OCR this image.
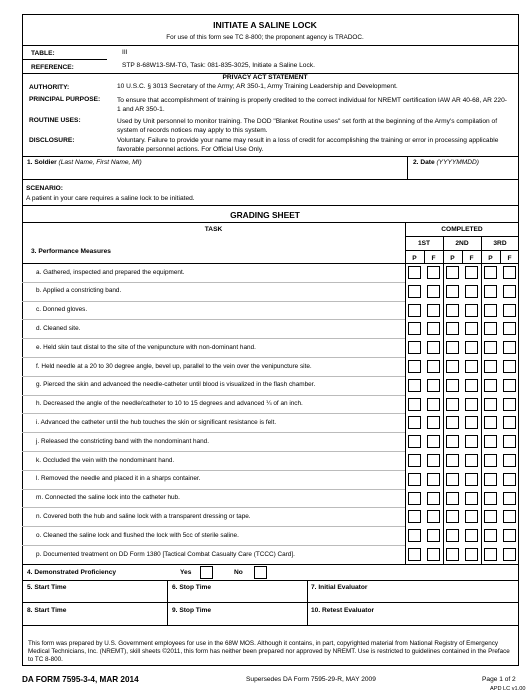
INITIATE A SALINE LOCK
For use of this form see TC 8-800; the proponent agency is TRADOC.
TABLE:	III
REFERENCE:	STP 8-68W13-SM-TG, Task: 081-835-3025, Initiate a Saline Lock.
PRIVACY ACT STATEMENT
AUTHORITY:	10 U.S.C. § 3013 Secretary of the Army; AR 350-1, Army Training Leadership and Development.
PRINCIPAL PURPOSE:	To ensure that accomplishment of training is properly credited to the correct individual for NREMT certification IAW AR 40-68, AR 220-1 and AR 350-1.
ROUTINE USES:	Used by Unit personnel to monitor training. The DOD "Blanket Routine uses" set forth at the beginning of the Army's compilation of system of records notices may apply to this system.
DISCLOSURE:	Voluntary. Failure to provide your name may result in a loss of credit for accomplishing the training or error in processing applicable favorable personnel actions. For Official Use Only.
1. Soldier (Last Name, First Name, MI)	2. Date (YYYYMMDD)
SCENARIO:
A patient in your care requires a saline lock to be initiated.
GRADING SHEET
TASK	COMPLETED
3. Performance Measures
1ST	2ND	3RD
P	F	P	F	P	F
a. Gathered, inspected and prepared the equipment.
b. Applied a constricting band.
c. Donned gloves.
d. Cleaned site.
e. Held skin taut distal to the site of the venipuncture with non-dominant hand.
f. Held needle at a 20 to 30 degree angle, bevel up, parallel to the vein over the venipuncture site.
g. Pierced the skin and advanced the needle-catheter until blood is visualized in the flash chamber.
h. Decreased the angle of the needle/catheter to 10 to 15 degrees and advanced ¼ of an inch.
i. Advanced the catheter until the hub touches the skin or significant resistance is felt.
j. Released the constricting band with the nondominant hand.
k. Occluded the vein with the nondominant hand.
l. Removed the needle and placed it in a sharps container.
m. Connected the saline lock into the catheter hub.
n. Covered both the hub and saline lock with a transparent dressing or tape.
o. Cleaned the saline lock and flushed the lock with 5cc of sterile saline.
p. Documented treatment on DD Form 1380 [Tactical Combat Casualty Care (TCCC) Card].
4. Demonstrated Proficiency	Yes	No
5. Start Time	6. Stop Time	7. Initial Evaluator
8. Start Time	9. Stop Time	10. Retest Evaluator
This form was prepared by U.S. Government employees for use in the 68W MOS. Although it contains, in part, copyrighted material from National Registry of Emergency Medical Technicians, Inc. (NREMT), skill sheets ©2011, this form has neither been prepared nor approved by NREMT. Use is restricted to guidelines contained in the Preface to TC 8-800.
DA FORM 7595-3-4, MAR 2014	Supersedes DA Form 7595-29-R, MAY 2009	Page 1 of 2
APD LC v1.00
